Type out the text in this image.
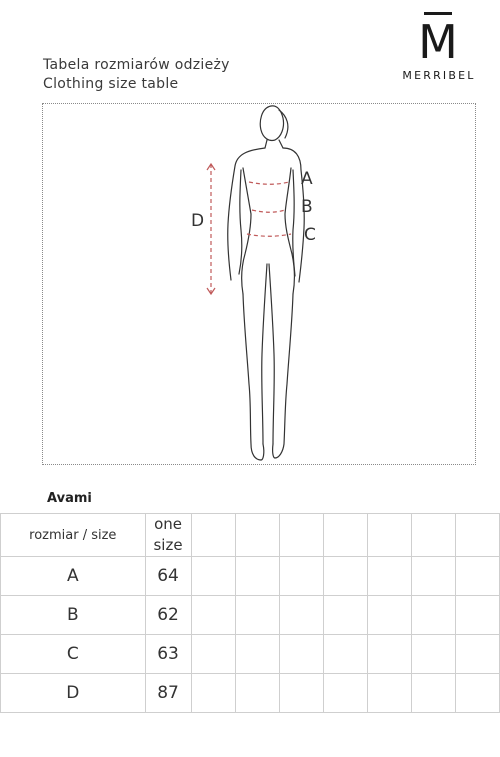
Tabela rozmiarów odzieży
Clothing size table
M
MERRIBEL
A
B
C
D
Avami
rozmiar / size	one size							
A	64							
B	62							
C	63							
D	87							
